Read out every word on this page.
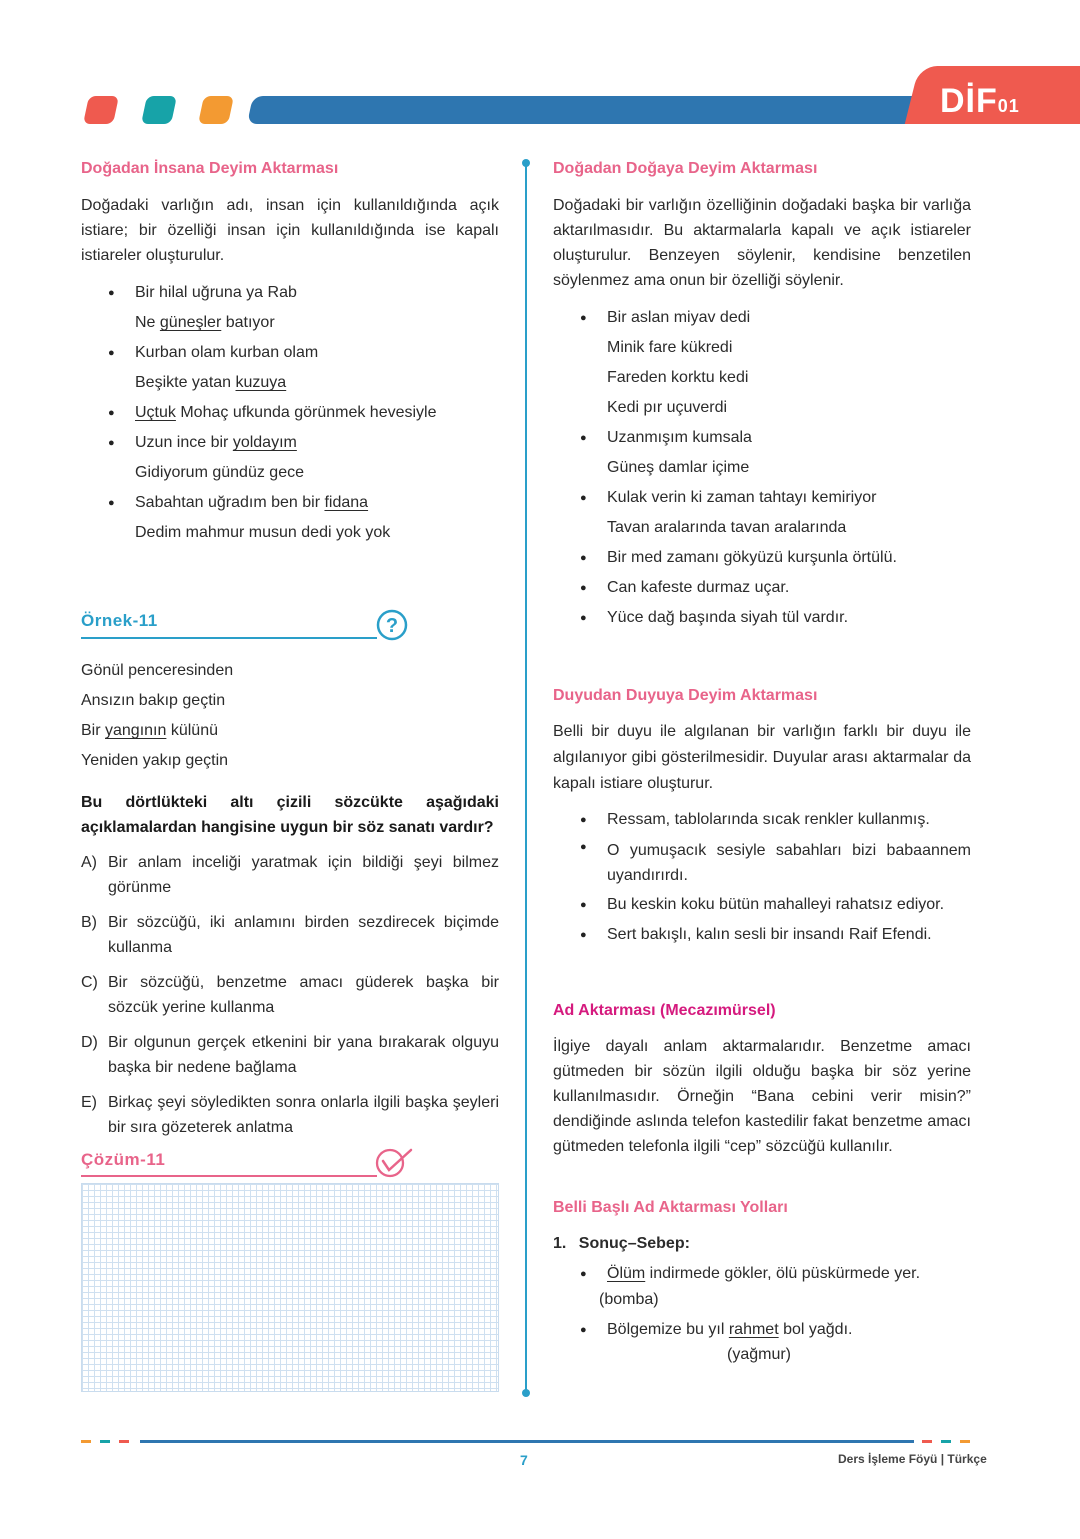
DİF01
Doğadan İnsana Deyim Aktarması
Doğadaki varlığın adı, insan için kullanıldığında açık istiare; bir özelliği insan için kullanıldığında ise kapalı istiareler oluşturulur.
● Bir hilal uğruna ya Rab
Ne güneşler batıyor
● Kurban olam kurban olam
Beşikte yatan kuzuya
● Uçtuk Mohaç ufkunda görünmek hevesiyle
● Uzun ince bir yoldayım
Gidiyorum gündüz gece
● Sabahtan uğradım ben bir fidana
Dedim mahmur musun dedi yok yok
Örnek-11	?
Gönül penceresinden
Ansızın bakıp geçtin
Bir yangının külünü
Yeniden yakıp geçtin
Bu dörtlükteki altı çizili sözcükte aşağıdaki açıklamalardan hangisine uygun bir söz sanatı vardır?
A) Bir anlam inceliği yaratmak için bildiği şeyi bilmez görünme
B) Bir sözcüğü, iki anlamını birden sezdirecek biçimde kullanma
C) Bir sözcüğü, benzetme amacı güderek başka bir sözcük yerine kullanma
D) Bir olgunun gerçek etkenini bir yana bırakarak olguyu başka bir nedene bağlama
E) Birkaç şeyi söyledikten sonra onlarla ilgili başka şeyleri bir sıra gözeterek anlatma
Çözüm-11
Doğadan Doğaya Deyim Aktarması
Doğadaki bir varlığın özelliğinin doğadaki başka bir varlığa aktarılmasıdır. Bu aktarmalarla kapalı ve açık istiareler oluşturulur. Benzeyen söylenir, kendisine benzetilen söylenmez ama onun bir özelliği söylenir.
● Bir aslan miyav dedi
Minik fare kükredi
Fareden korktu kedi
Kedi pır uçuverdi
● Uzanmışım kumsala
Güneş damlar içime
● Kulak verin ki zaman tahtayı kemiriyor
Tavan aralarında tavan aralarında
● Bir med zamanı gökyüzü kurşunla örtülü.
● Can kafeste durmaz uçar.
● Yüce dağ başında siyah tül vardır.
Duyudan Duyuya Deyim Aktarması
Belli bir duyu ile algılanan bir varlığın farklı bir duyu ile algılanıyor gibi gösterilmesidir. Duyular arası aktarmalar da kapalı istiare oluşturur.
● Ressam, tablolarında sıcak renkler kullanmış.
● O yumuşacık sesiyle sabahları bizi babaannem uyandırırdı.
● Bu keskin koku bütün mahalleyi rahatsız ediyor.
● Sert bakışlı, kalın sesli bir insandı Raif Efendi.
Ad Aktarması (Mecazımürsel)
İlgiye dayalı anlam aktarmalarıdır. Benzetme amacı gütmeden bir sözün ilgili olduğu başka bir söz yerine kullanılmasıdır. Örneğin “Bana cebini verir misin?” dendiğinde aslında telefon kastedilir fakat benzetme amacı gütmeden telefonla ilgili “cep” sözcüğü kullanılır.
Belli Başlı Ad Aktarması Yolları
1. Sonuç–Sebep:
● Ölüm indirmede gökler, ölü püskürmede yer.
(bomba)
● Bölgemize bu yıl rahmet bol yağdı.
(yağmur)
7	Ders İşleme Föyü | Türkçe
